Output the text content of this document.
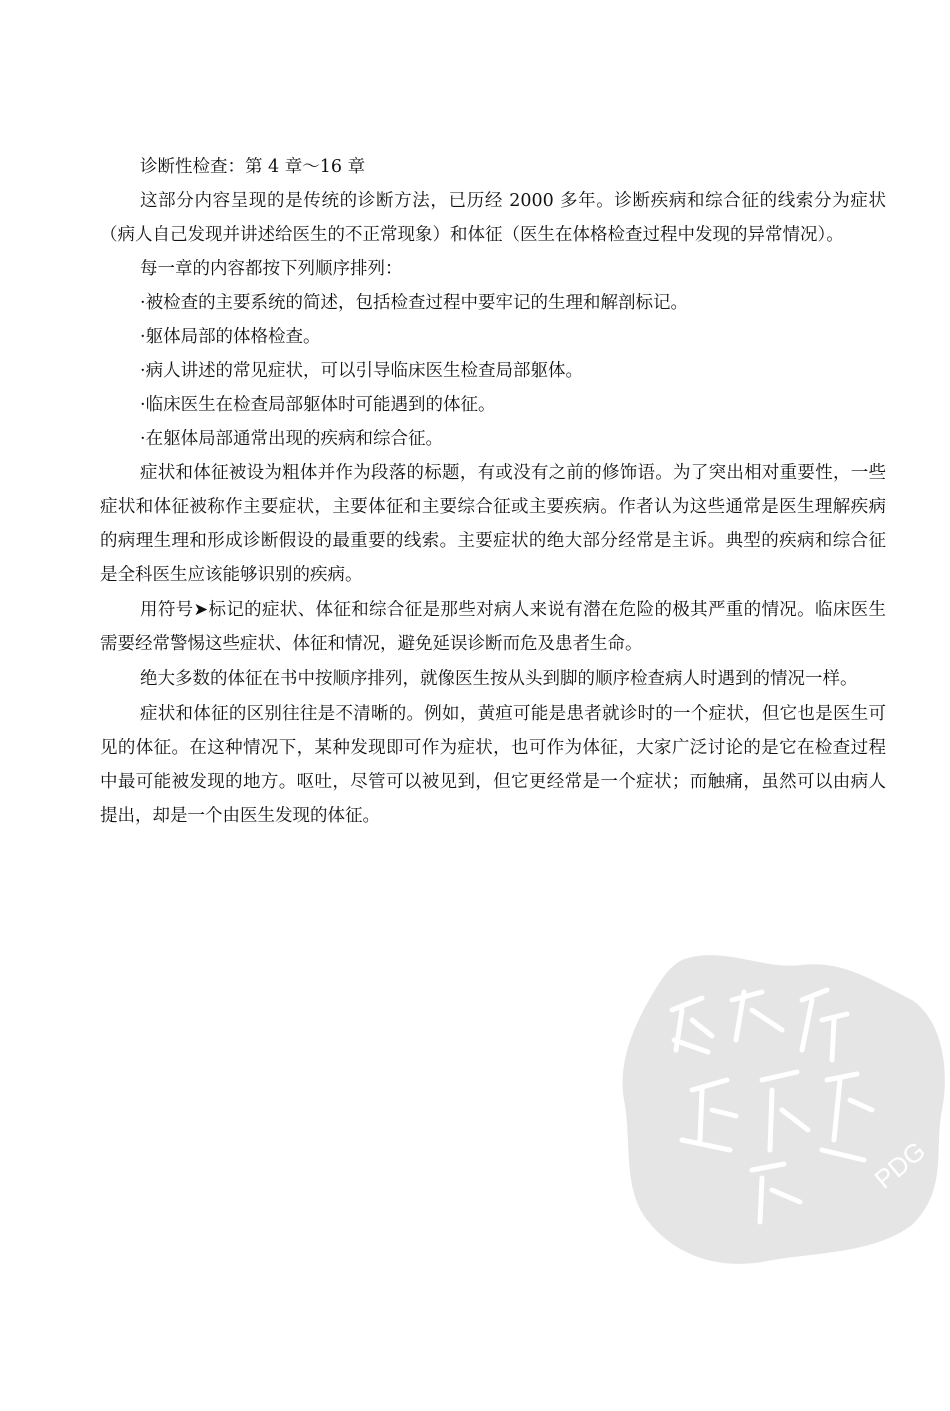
诊断性检查：第 4 章～16 章

这部分内容呈现的是传统的诊断方法，已历经 2000 多年。诊断疾病和综合征的线索分为症状（病人自己发现并讲述给医生的不正常现象）和体征（医生在体格检查过程中发现的异常情况）。

每一章的内容都按下列顺序排列：

·被检查的主要系统的简述，包括检查过程中要牢记的生理和解剖标记。

·躯体局部的体格检查。

·病人讲述的常见症状，可以引导临床医生检查局部躯体。

·临床医生在检查局部躯体时可能遇到的体征。

·在躯体局部通常出现的疾病和综合征。

症状和体征被设为粗体并作为段落的标题，有或没有之前的修饰语。为了突出相对重要性，一些症状和体征被称作主要症状，主要体征和主要综合征或主要疾病。作者认为这些通常是医生理解疾病的病理生理和形成诊断假设的最重要的线索。主要症状的绝大部分经常是主诉。典型的疾病和综合征是全科医生应该能够识别的疾病。

用符号➤标记的症状、体征和综合征是那些对病人来说有潜在危险的极其严重的情况。临床医生需要经常警惕这些症状、体征和情况，避免延误诊断而危及患者生命。

绝大多数的体征在书中按顺序排列，就像医生按从头到脚的顺序检查病人时遇到的情况一样。

症状和体征的区别往往是不清晰的。例如，黄疸可能是患者就诊时的一个症状，但它也是医生可见的体征。在这种情况下，某种发现即可作为症状，也可作为体征，大家广泛讨论的是它在检查过程中最可能被发现的地方。呕吐，尽管可以被见到，但它更经常是一个症状；而触痛，虽然可以由病人提出，却是一个由医生发现的体征。

PDG
